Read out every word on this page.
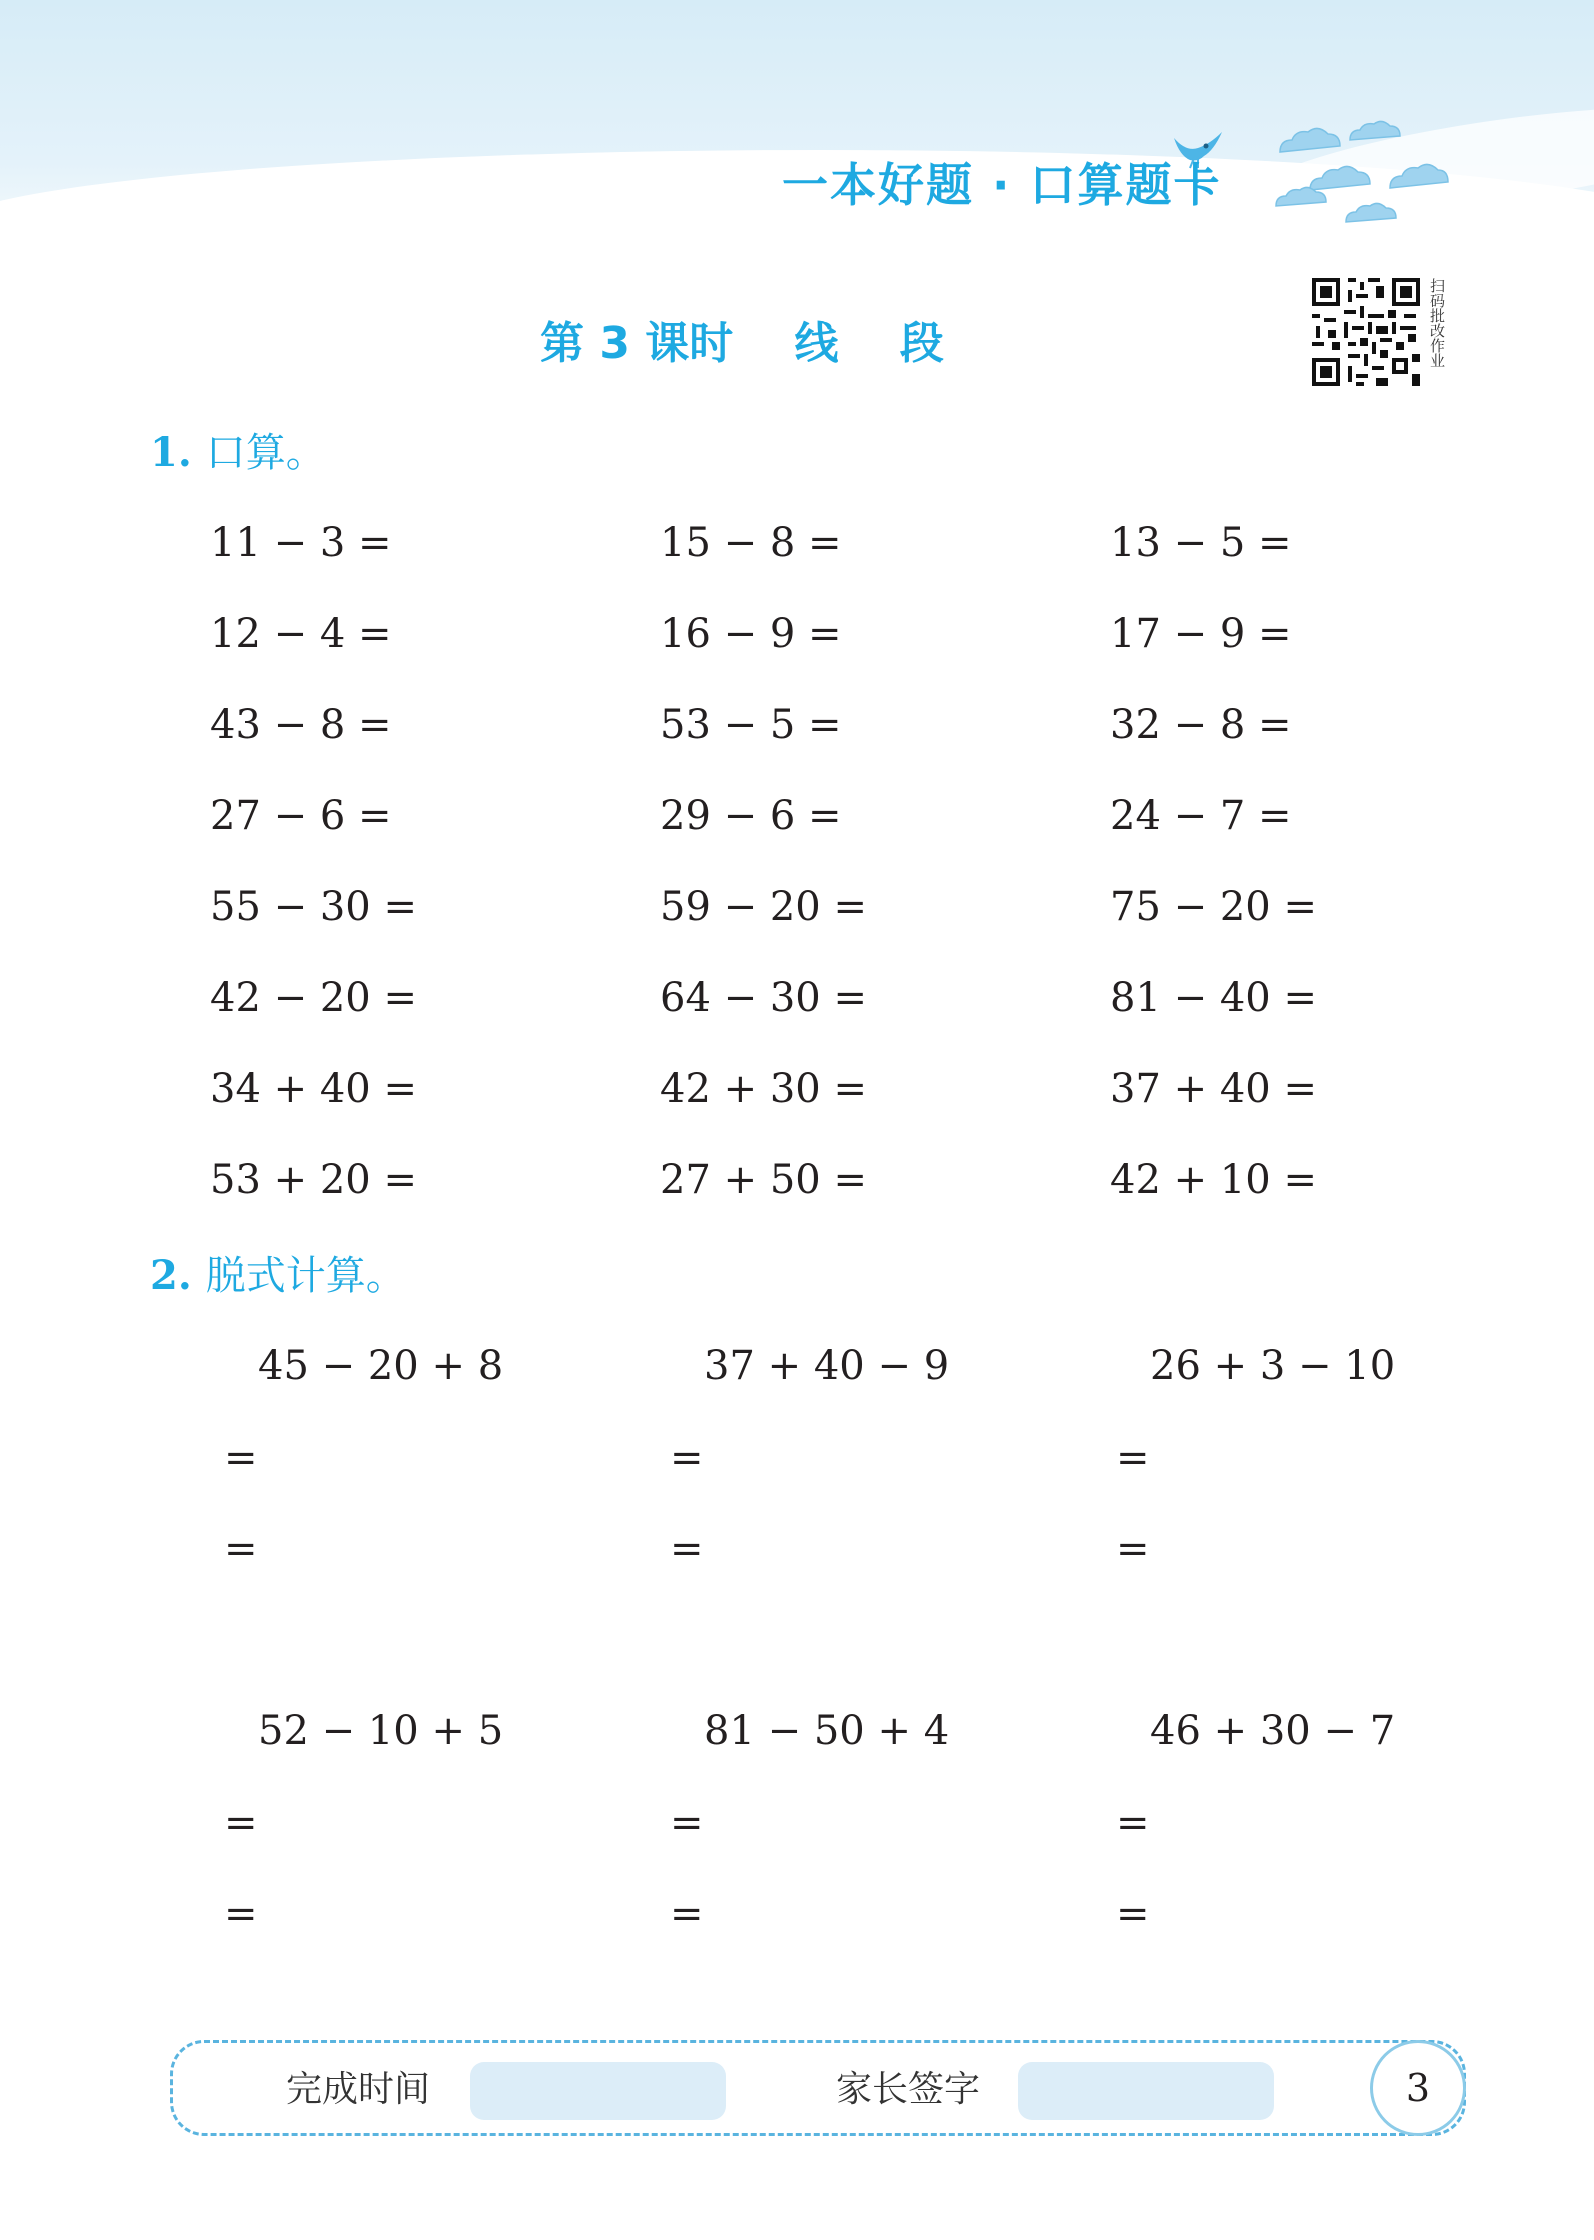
一本好题 · 口算题卡
第 3 课时    线    段	扫码批改作业
1. 口算。
11 − 3 =	15 − 8 =	13 − 5 =
12 − 4 =	16 − 9 =	17 − 9 =
43 − 8 =	53 − 5 =	32 − 8 =
27 − 6 =	29 − 6 =	24 − 7 =
55 − 30 =	59 − 20 =	75 − 20 =
42 − 20 =	64 − 30 =	81 − 40 =
34 + 40 =	42 + 30 =	37 + 40 =
53 + 20 =	27 + 50 =	42 + 10 =
2. 脱式计算。
45 − 20 + 8	37 + 40 − 9	26 + 3 − 10
=	=	=
=	=	=
52 − 10 + 5	81 − 50 + 4	46 + 30 − 7
=	=	=
=	=	=
完成时间	家长签字	3
